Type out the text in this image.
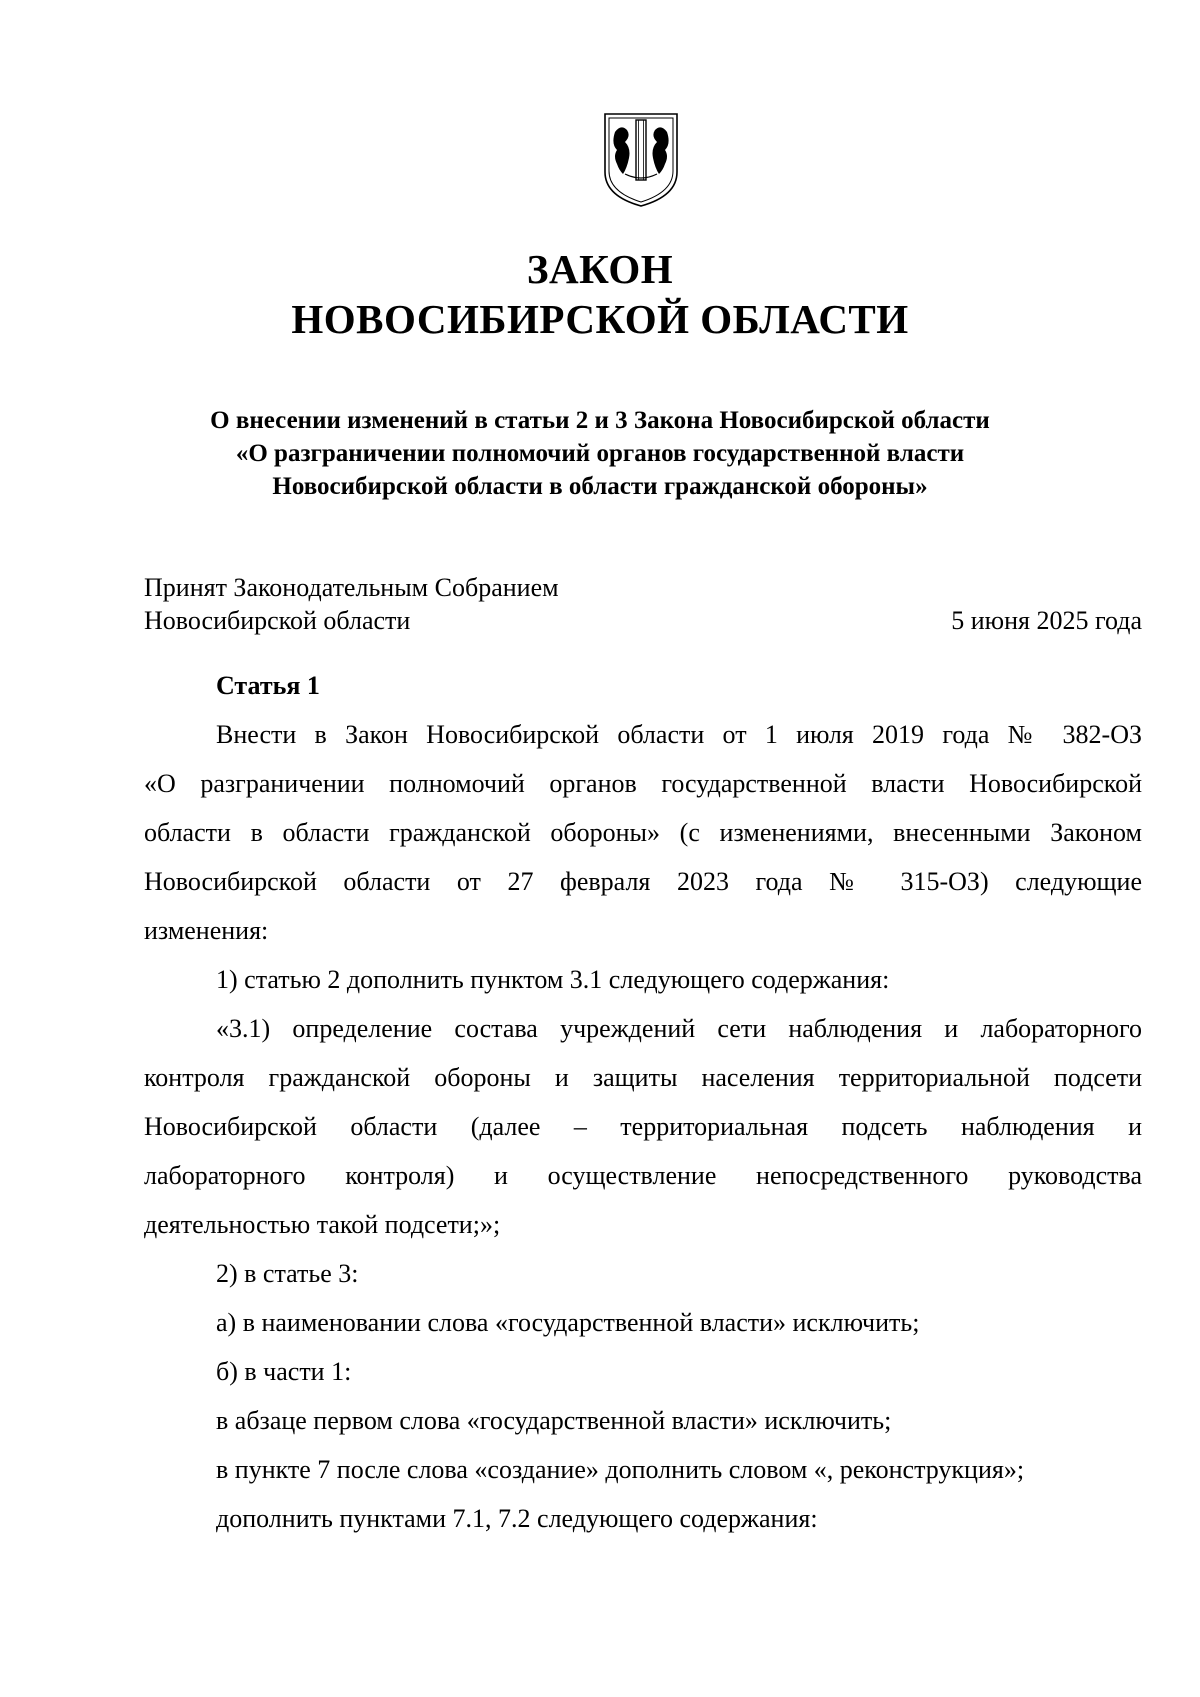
ЗАКОН
НОВОСИБИРСКОЙ ОБЛАСТИ
О внесении изменений в статьи 2 и 3 Закона Новосибирской области
«О разграничении полномочий органов государственной власти
Новосибирской области в области гражданской обороны»
Принят Законодательным Собранием
Новосибирской области	5 июня 2025 года
Статья 1
Внести в Закон Новосибирской области от 1 июля 2019 года № 382-ОЗ
«О разграничении полномочий органов государственной власти Новосибирской
области в области гражданской обороны» (с изменениями, внесенными Законом
Новосибирской области от 27 февраля 2023 года № 315-ОЗ) следующие
изменения:
1) статью 2 дополнить пунктом 3.1 следующего содержания:
«3.1) определение состава учреждений сети наблюдения и лабораторного
контроля гражданской обороны и защиты населения территориальной подсети
Новосибирской области (далее – территориальная подсеть наблюдения и
лабораторного контроля) и осуществление непосредственного руководства
деятельностью такой подсети;»;
2) в статье 3:
а) в наименовании слова «государственной власти» исключить;
б) в части 1:
в абзаце первом слова «государственной власти» исключить;
в пункте 7 после слова «создание» дополнить словом «, реконструкция»;
дополнить пунктами 7.1, 7.2 следующего содержания:
